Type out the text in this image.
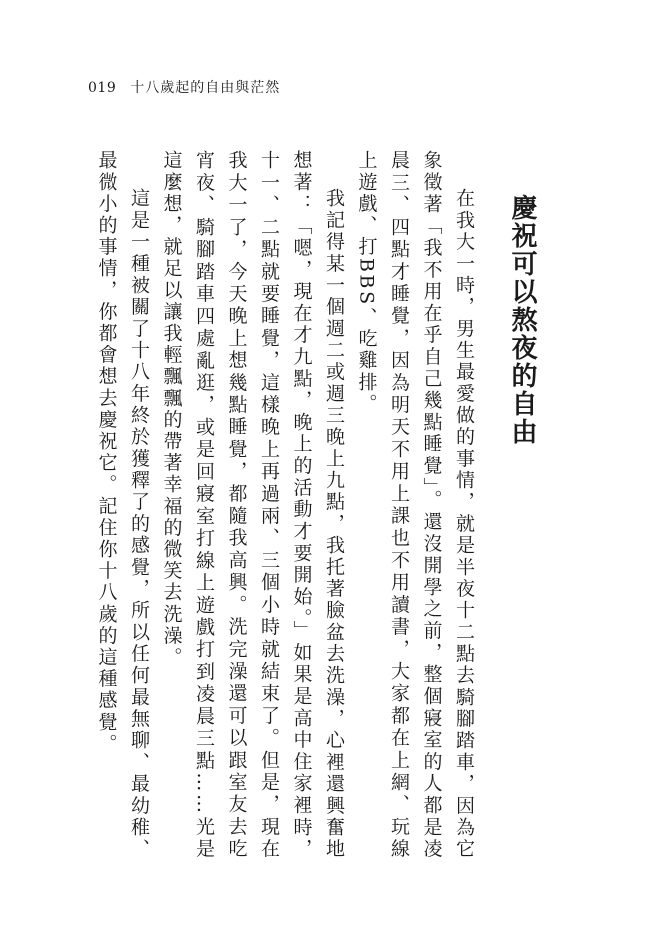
019 十八歲起的自由與茫然
慶祝可以熬夜的自由

在我大一時，男生最愛做的事情，就是半夜十二點去騎腳踏車，因為它象徵著「我不用在乎自己幾點睡覺」。還沒開學之前，整個寢室的人都是凌晨三、四點才睡覺，因為明天不用上課也不用讀書，大家都在上網、玩線上遊戲、打BBS、吃雞排。

我記得某一個週二或週三晚上九點，我托著臉盆去洗澡，心裡還興奮地想著：「嗯，現在才九點，晚上的活動才要開始。」如果是高中住家裡時，十一、二點就要睡覺，這樣晚上再過兩、三個小時就結束了。但是，現在我大一了，今天晚上想幾點睡覺，都隨我高興。洗完澡還可以跟室友去吃宵夜、騎腳踏車四處亂逛，或是回寢室打線上遊戲打到凌晨三點……光是這麼想，就足以讓我輕飄飄的帶著幸福的微笑去洗澡。

這是一種被關了十八年終於獲釋了的感覺，所以任何最無聊、最幼稚、最微小的事情，你都會想去慶祝它。記住你十八歲的這種感覺。
